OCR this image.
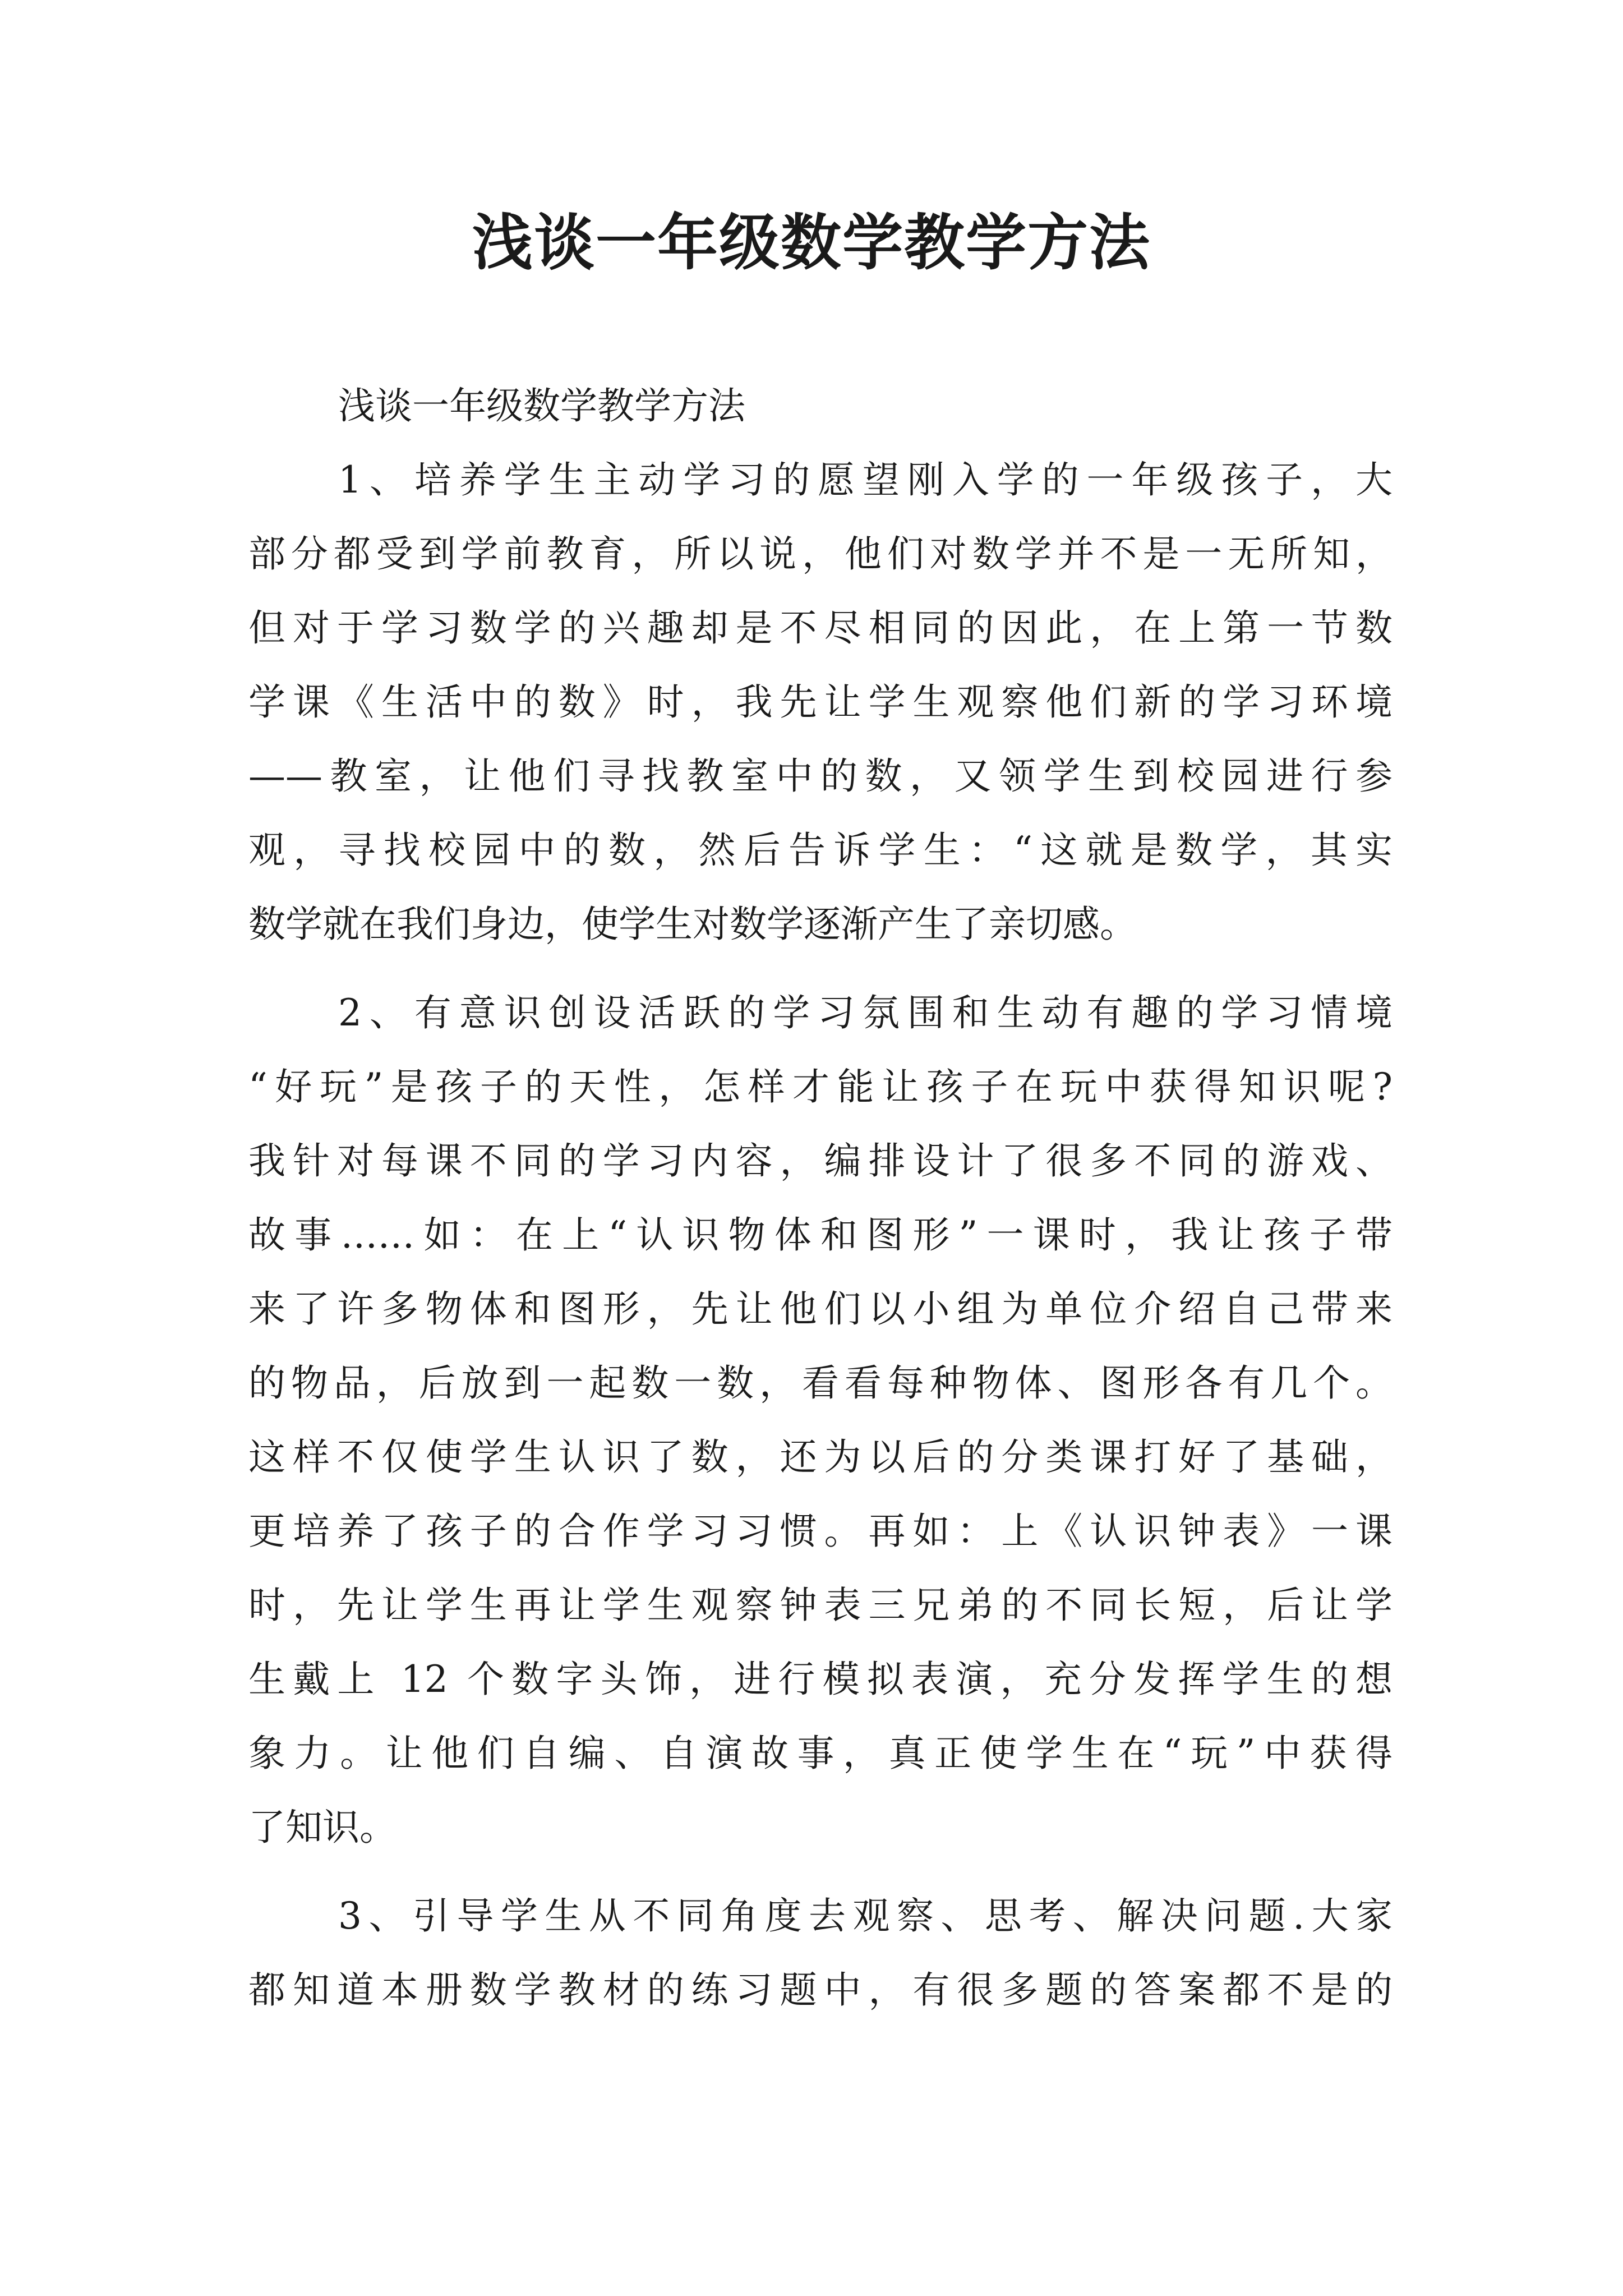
浅谈一年级数学教学方法
浅谈一年级数学教学方法
1、培养学生主动学习的愿望刚入学的一年级孩子，大
部分都受到学前教育，所以说，他们对数学并不是一无所知，
但对于学习数学的兴趣却是不尽相同的因此，在上第一节数
学课《生活中的数》时，我先让学生观察他们新的学习环境
——教室，让他们寻找教室中的数，又领学生到校园进行参
观，寻找校园中的数，然后告诉学生：“这就是数学，其实
数学就在我们身边，使学生对数学逐渐产生了亲切感。
2、有意识创设活跃的学习氛围和生动有趣的学习情境
“好玩”是孩子的天性，怎样才能让孩子在玩中获得知识呢?
我针对每课不同的学习内容，编排设计了很多不同的游戏、
故事……如：在上“认识物体和图形”一课时，我让孩子带
来了许多物体和图形，先让他们以小组为单位介绍自己带来
的物品，后放到一起数一数，看看每种物体、图形各有几个。
这样不仅使学生认识了数，还为以后的分类课打好了基础，
更培养了孩子的合作学习习惯。再如：上《认识钟表》一课
时，先让学生再让学生观察钟表三兄弟的不同长短，后让学
生戴上 12 个数字头饰，进行模拟表演，充分发挥学生的想
象力。让他们自编、自演故事，真正使学生在“玩”中获得
了知识。
3、引导学生从不同角度去观察、思考、解决问题.大家
都知道本册数学教材的练习题中，有很多题的答案都不是的
